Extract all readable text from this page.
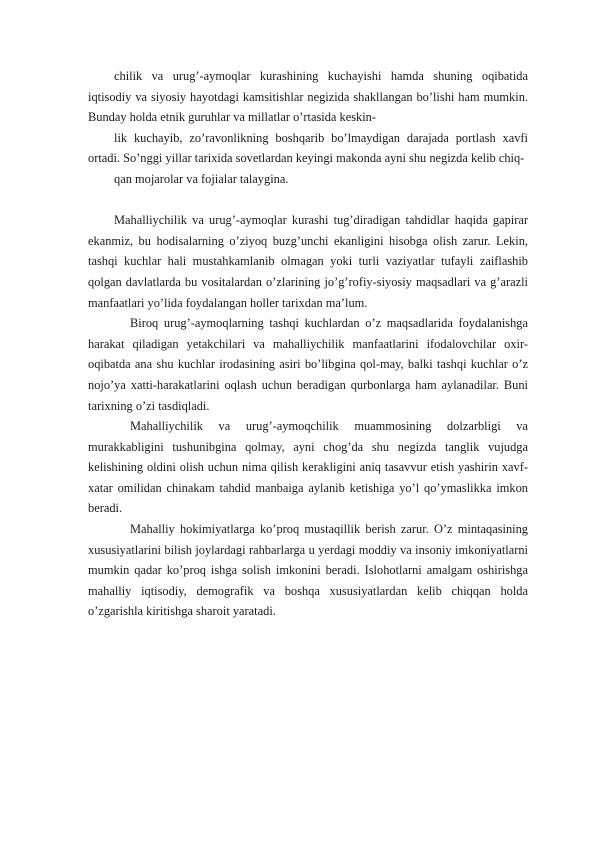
chilik va urug’-aymoqlar kurashining kuchayishi hamda shuning oqibatida iqtisodiy va siyosiy hayotdagi kamsitishlar negizida shakllangan bo’lishi ham mumkin. Bunday holda etnik guruhlar va millatlar o’rtasida keskin-

lik kuchayib, zo’ravonlikning boshqarib bo’lmaydigan darajada portlash xavfi ortadi. So’nggi yillar tarixida sovetlardan keyingi makonda ayni shu negizda kelib chiq-

qan mojarolar va fojialar talaygina.

Mahalliychilik va urug’-aymoqlar kurashi tug’diradigan tahdidlar haqida gapirar ekanmiz, bu hodisalarning o’ziyoq buzg’unchi ekanligini hisobga olish zarur. Lekin, tashqi kuchlar hali mustahkamlanib olmagan yoki turli vaziyatlar tufayli zaiflashib qolgan davlatlarda bu vositalardan o’zlarining jo’g’rofiy-siyosiy maqsadlari va g’arazli manfaatlari yo’lida foydalangan holler tarixdan ma’lum.

Biroq urug’-aymoqlarning tashqi kuchlardan o’z maqsadlarida foydalanishga harakat qiladigan yetakchilari va mahalliychilik manfaatlarini ifodalovchilar oxir-oqibatda ana shu kuchlar irodasining asiri bo’libgina qol-may, balki tashqi kuchlar o’z nojo’ya xatti-harakatlarini oqlash uchun beradigan qurbonlarga ham aylanadilar. Buni tarixning o’zi tasdiqladi.

Mahalliychilik va urug’-aymoqchilik muammosining dolzarbligi va murakkabligini tushunibgina qolmay, ayni chog’da shu negizda tanglik vujudga kelishining oldini olish uchun nima qilish kerakligini aniq tasavvur etish yashirin xavf-xatar omilidan chinakam tahdid manbaiga aylanib ketishiga yo’l qo’ymaslikka imkon beradi.

Mahalliy hokimiyatlarga ko’proq mustaqillik berish zarur. O’z mintaqasining xususiyatlarini bilish joylardagi rahbarlarga u yerdagi moddiy va insoniy imkoniyatlarni mumkin qadar ko’proq ishga solish imkonini beradi. Islohotlarni amalgam oshirishga mahalliy iqtisodiy, demografik va boshqa xususiyatlardan kelib chiqqan holda o’zgarishla kiritishga sharoit yaratadi.
